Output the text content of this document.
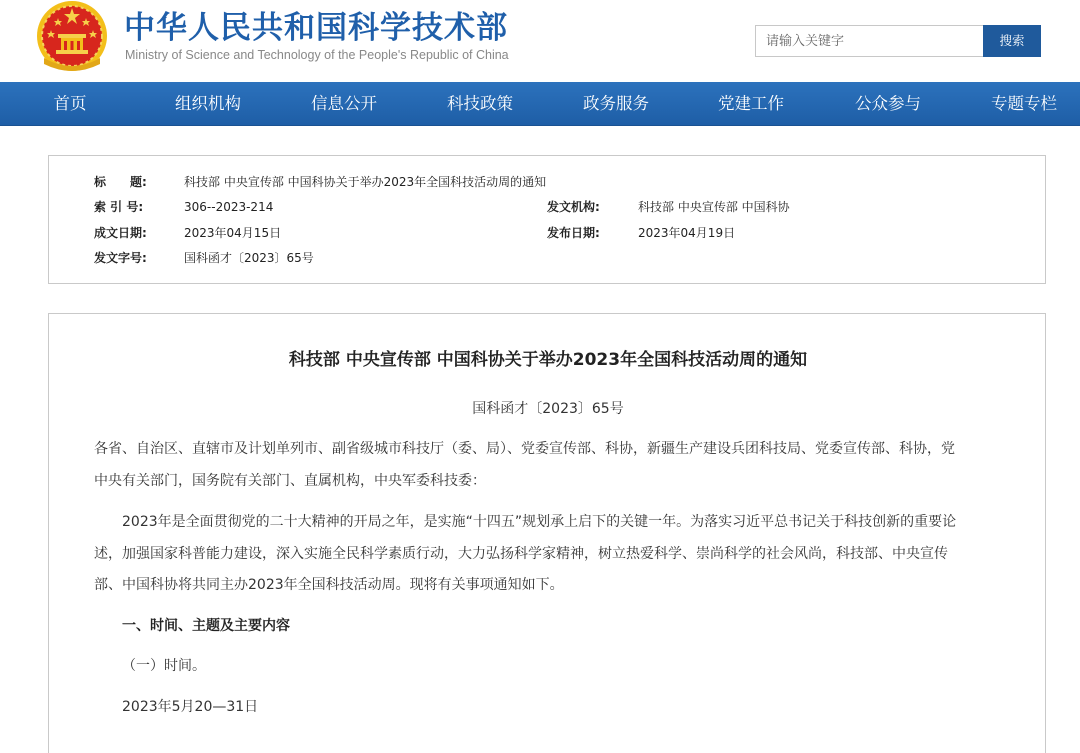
中华人民共和国科学技术部
Ministry of Science and Technology of the People's Republic of China
请输入关键字
搜索
首页	组织机构	信息公开	科技政策	政务服务	党建工作	公众参与	专题专栏
标　　题:	科技部 中央宣传部 中国科协关于举办2023年全国科技活动周的通知
索 引 号:	306--2023-214	发文机构:	科技部 中央宣传部 中国科协
成文日期:	2023年04月15日	发布日期:	2023年04月19日
发文字号:	国科函才〔2023〕65号
科技部 中央宣传部 中国科协关于举办2023年全国科技活动周的通知
国科函才〔2023〕65号
各省、自治区、直辖市及计划单列市、副省级城市科技厅（委、局）、党委宣传部、科协，新疆生产建设兵团科技局、党委宣传部、科协，党
中央有关部门，国务院有关部门、直属机构，中央军委科技委：
2023年是全面贯彻党的二十大精神的开局之年，是实施“十四五”规划承上启下的关键一年。为落实习近平总书记关于科技创新的重要论
述，加强国家科普能力建设，深入实施全民科学素质行动，大力弘扬科学家精神，树立热爱科学、崇尚科学的社会风尚，科技部、中央宣传
部、中国科协将共同主办2023年全国科技活动周。现将有关事项通知如下。
一、时间、主题及主要内容
（一）时间。
2023年5月20—31日
